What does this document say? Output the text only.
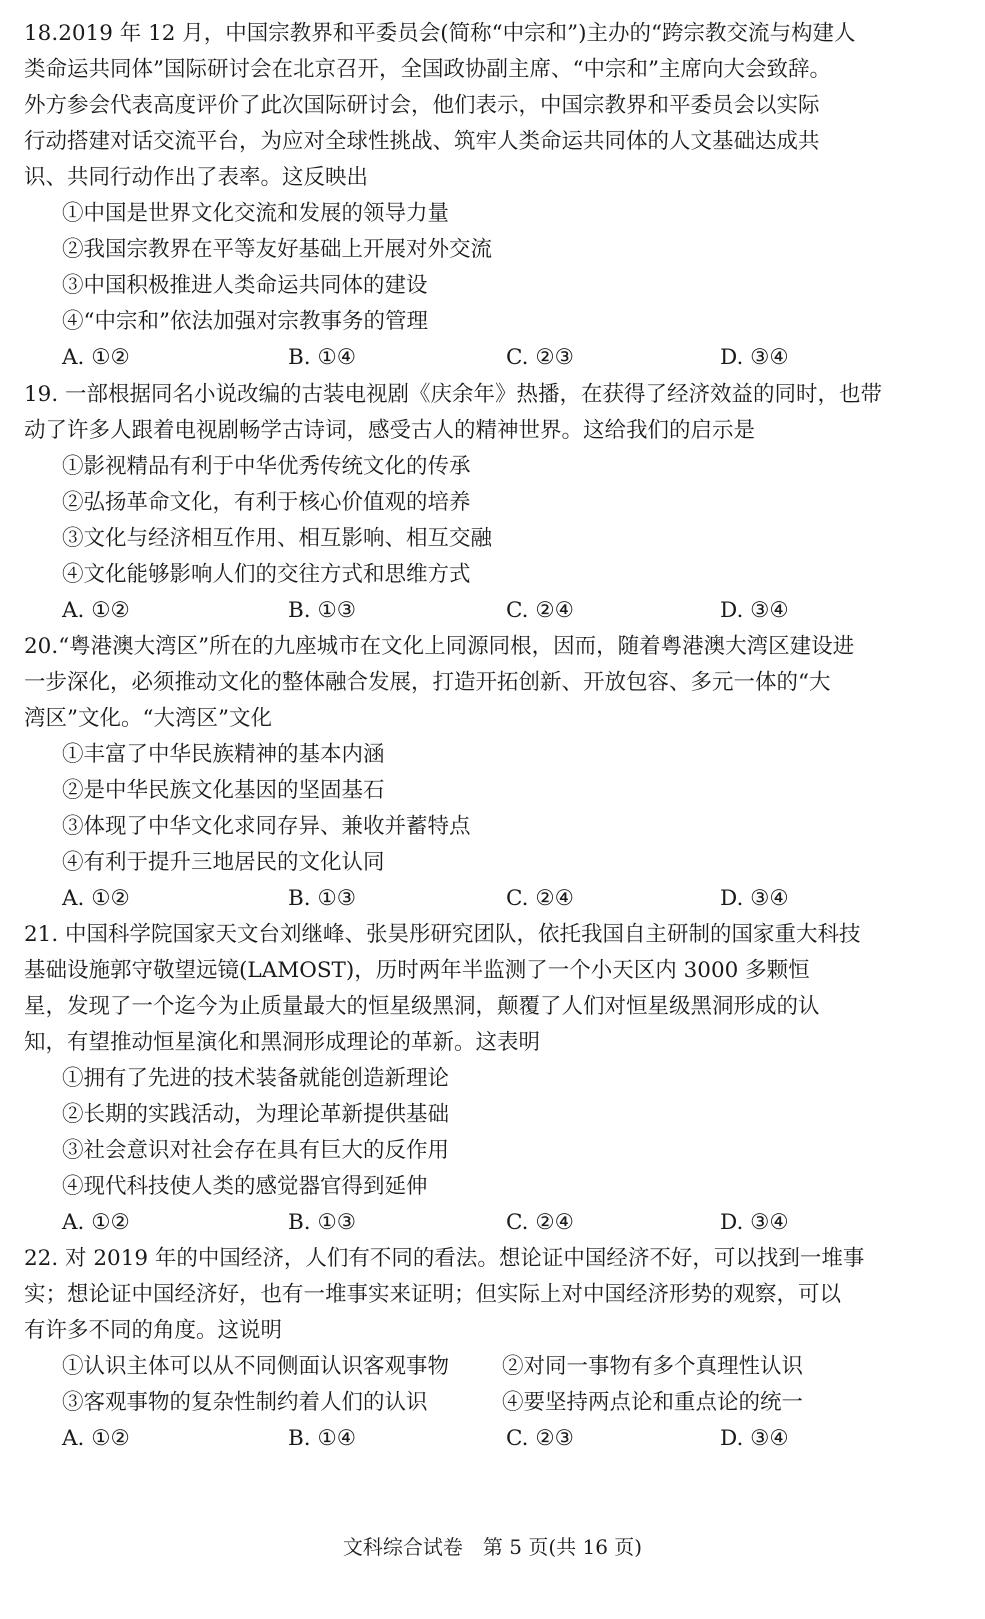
18.2019 年 12 月，中国宗教界和平委员会(简称“中宗和”)主办的“跨宗教交流与构建人
类命运共同体”国际研讨会在北京召开，全国政协副主席、“中宗和”主席向大会致辞。
外方参会代表高度评价了此次国际研讨会，他们表示，中国宗教界和平委员会以实际
行动搭建对话交流平台，为应对全球性挑战、筑牢人类命运共同体的人文基础达成共
识、共同行动作出了表率。这反映出
①中国是世界文化交流和发展的领导力量
②我国宗教界在平等友好基础上开展对外交流
③中国积极推进人类命运共同体的建设
④“中宗和”依法加强对宗教事务的管理
A. ①②	B. ①④	C. ②③	D. ③④
19. 一部根据同名小说改编的古装电视剧《庆余年》热播，在获得了经济效益的同时，也带
动了许多人跟着电视剧畅学古诗词，感受古人的精神世界。这给我们的启示是
①影视精品有利于中华优秀传统文化的传承
②弘扬革命文化，有利于核心价值观的培养
③文化与经济相互作用、相互影响、相互交融
④文化能够影响人们的交往方式和思维方式
A. ①②	B. ①③	C. ②④	D. ③④
20.“粤港澳大湾区”所在的九座城市在文化上同源同根，因而，随着粤港澳大湾区建设进
一步深化，必须推动文化的整体融合发展，打造开拓创新、开放包容、多元一体的“大
湾区”文化。“大湾区”文化
①丰富了中华民族精神的基本内涵
②是中华民族文化基因的坚固基石
③体现了中华文化求同存异、兼收并蓄特点
④有利于提升三地居民的文化认同
A. ①②	B. ①③	C. ②④	D. ③④
21. 中国科学院国家天文台刘继峰、张昊彤研究团队，依托我国自主研制的国家重大科技
基础设施郭守敬望远镜(LAMOST)，历时两年半监测了一个小天区内 3000 多颗恒
星，发现了一个迄今为止质量最大的恒星级黑洞，颠覆了人们对恒星级黑洞形成的认
知，有望推动恒星演化和黑洞形成理论的革新。这表明
①拥有了先进的技术装备就能创造新理论
②长期的实践活动，为理论革新提供基础
③社会意识对社会存在具有巨大的反作用
④现代科技使人类的感觉器官得到延伸
A. ①②	B. ①③	C. ②④	D. ③④
22. 对 2019 年的中国经济，人们有不同的看法。想论证中国经济不好，可以找到一堆事
实；想论证中国经济好，也有一堆事实来证明；但实际上对中国经济形势的观察，可以
有许多不同的角度。这说明
①认识主体可以从不同侧面认识客观事物 ②对同一事物有多个真理性认识
③客观事物的复杂性制约着人们的认识	④要坚持两点论和重点论的统一
A. ①②	B. ①④	C. ②③	D. ③④
文科综合试卷　第 5 页(共 16 页)
